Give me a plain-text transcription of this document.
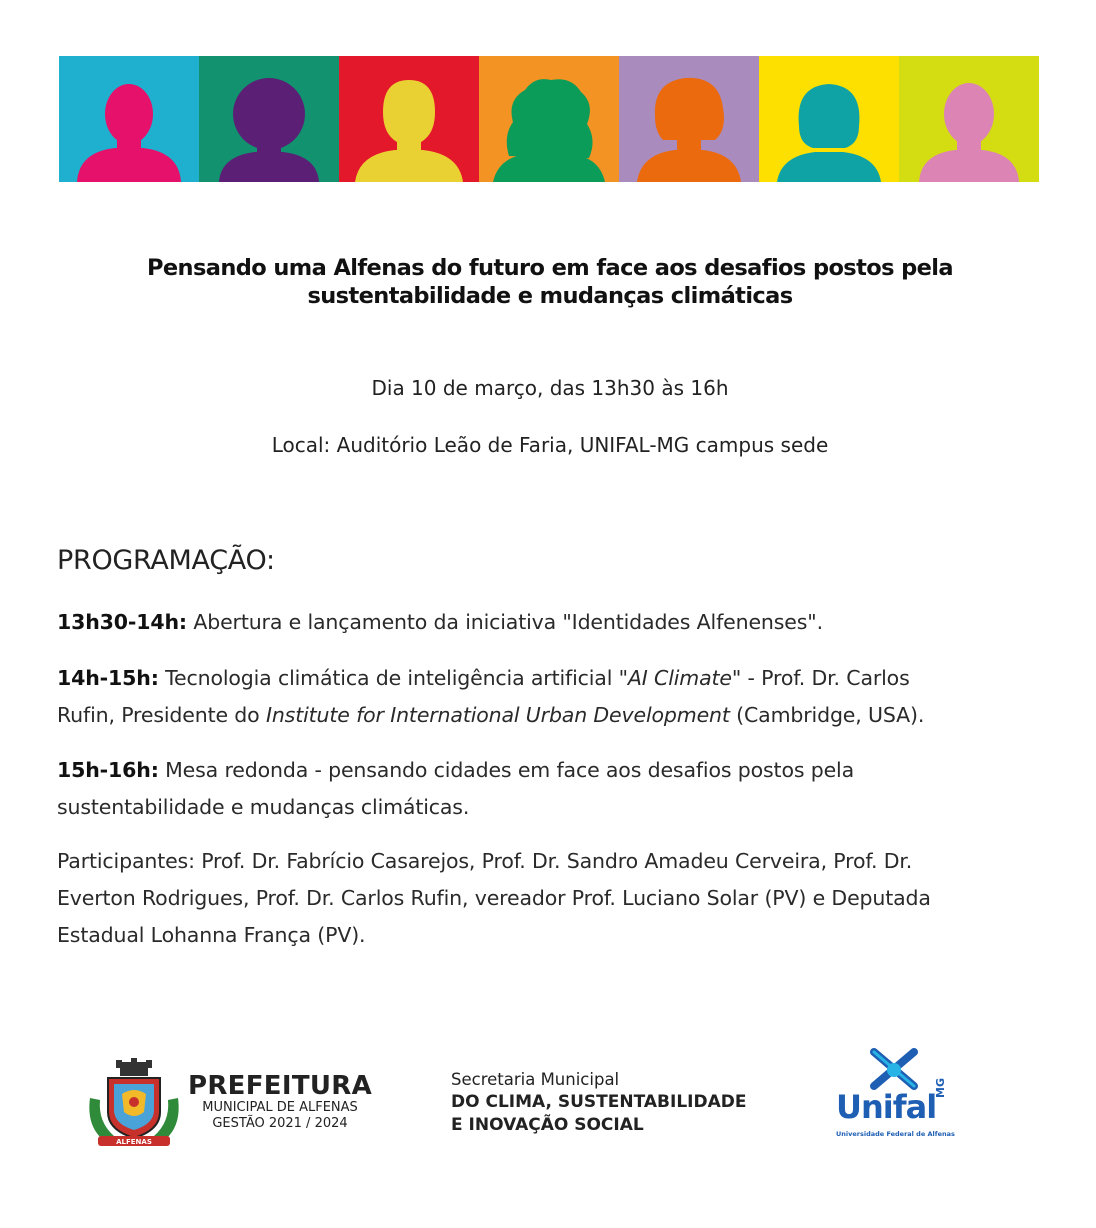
Pensando uma Alfenas do futuro em face aos desafios postos pela
sustentabilidade e mudanças climáticas
Dia 10 de março, das 13h30 às 16h
Local: Auditório Leão de Faria, UNIFAL-MG campus sede
PROGRAMAÇÃO:
13h30-14h: Abertura e lançamento da iniciativa "Identidades Alfenenses".
14h-15h: Tecnologia climática de inteligência artificial "AI Climate" - Prof. Dr. Carlos
Rufin, Presidente do Institute for International Urban Development (Cambridge, USA).
15h-16h: Mesa redonda - pensando cidades em face aos desafios postos pela
sustentabilidade e mudanças climáticas.
Participantes: Prof. Dr. Fabrício Casarejos, Prof. Dr. Sandro Amadeu Cerveira, Prof. Dr.
Everton Rodrigues, Prof. Dr. Carlos Rufin, vereador Prof. Luciano Solar (PV) e Deputada
Estadual Lohanna França (PV).
ALFENAS
PREFEITURA
MUNICIPAL DE ALFENAS
GESTÃO 2021 / 2024
Secretaria Municipal
DO CLIMA, SUSTENTABILIDADE
E INOVAÇÃO SOCIAL	Unifal
MG
Universidade Federal de Alfenas
